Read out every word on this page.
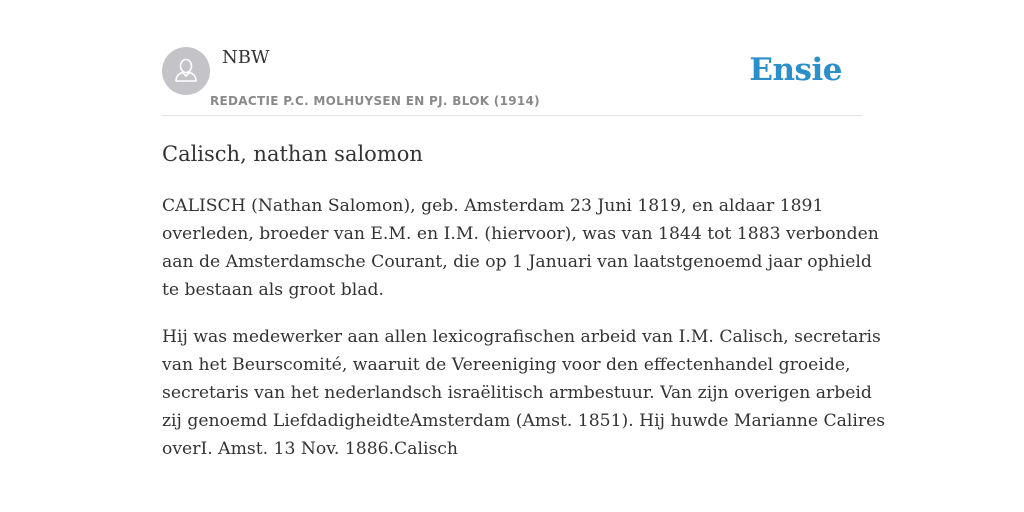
NBW
REDACTIE P.C. MOLHUYSEN EN PJ. BLOK (1914)
Ensie
Calisch, nathan salomon

CALISCH (Nathan Salomon), geb. Amsterdam 23 Juni 1819, en aldaar 1891
overleden, broeder van E.M. en I.M. (hiervoor), was van 1844 tot 1883 verbonden
aan de Amsterdamsche Courant, die op 1 Januari van laatstgenoemd jaar ophield
te bestaan als groot blad.

Hij was medewerker aan allen lexicografischen arbeid van I.M. Calisch, secretaris
van het Beurscomité, waaruit de Vereeniging voor den effectenhandel groeide,
secretaris van het nederlandsch israëlitisch armbestuur. Van zijn overigen arbeid
zij genoemd LiefdadigheidteAmsterdam (Amst. 1851). Hij huwde Marianne Calires
overI. Amst. 13 Nov. 1886.Calisch
